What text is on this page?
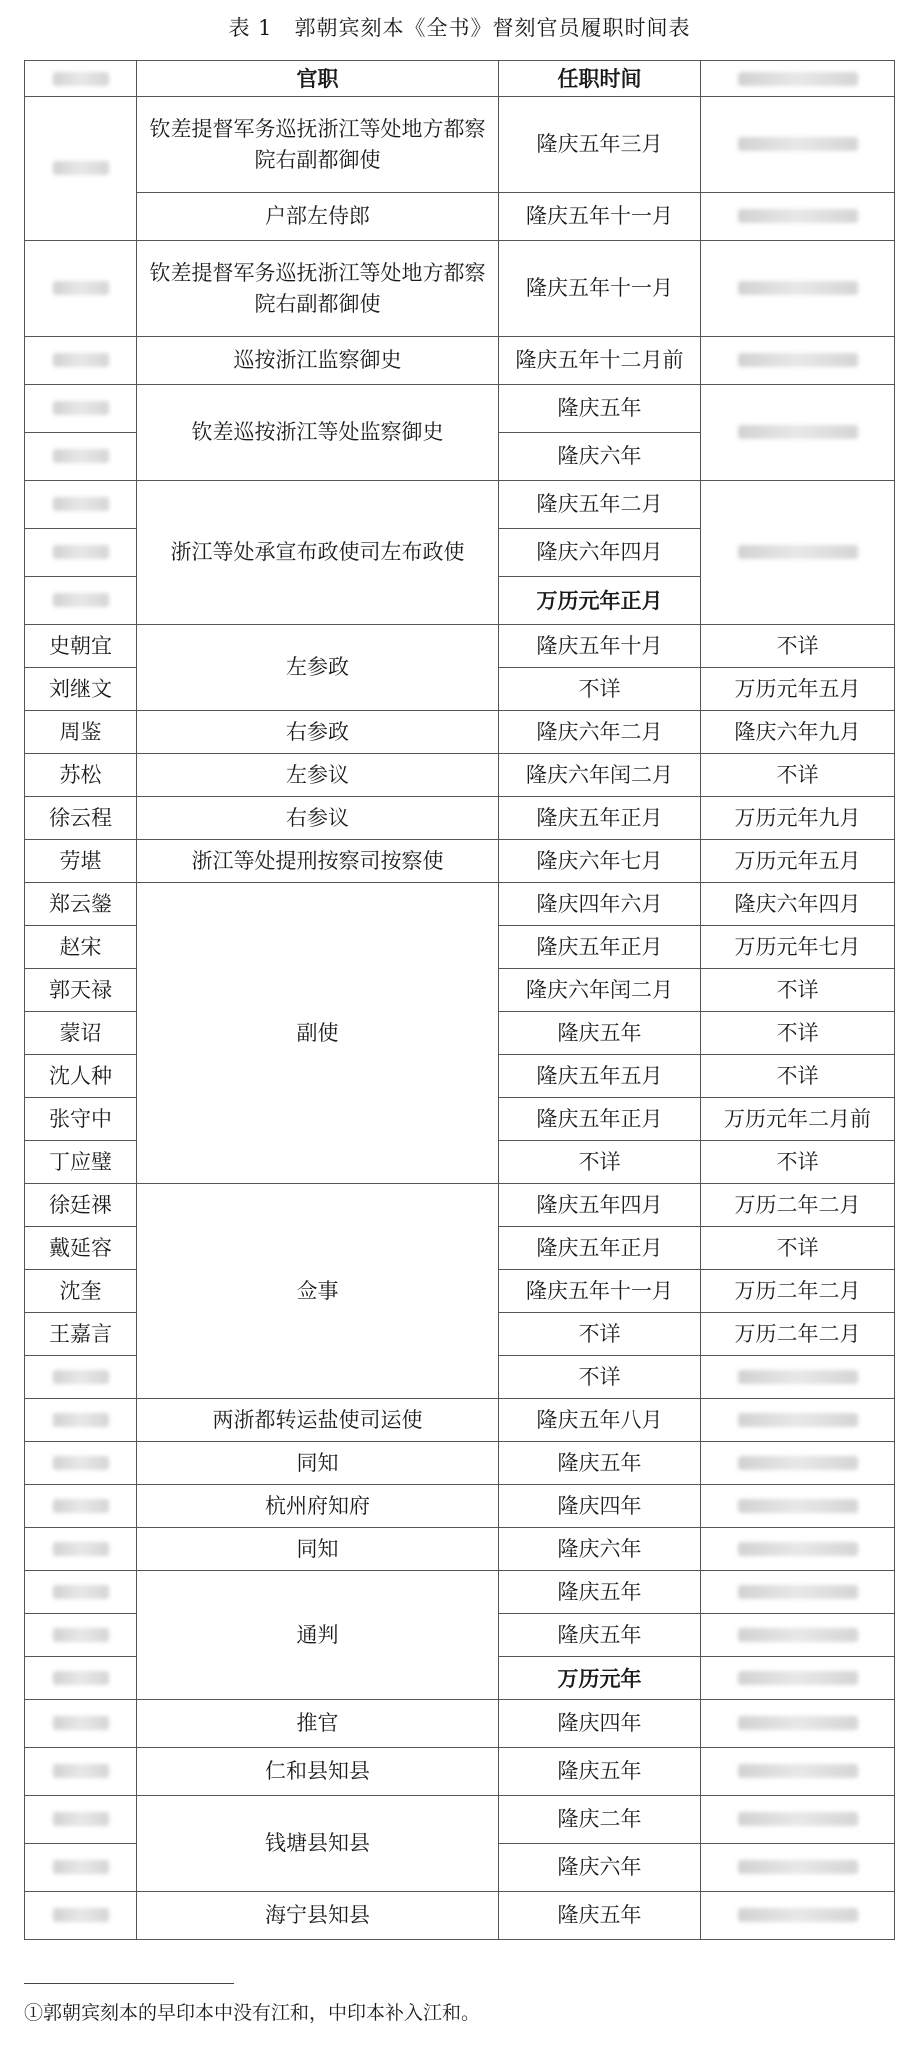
表 1　郭朝宾刻本《全书》督刻官员履职时间表
	官职	任职时间	
	钦差提督军务巡抚浙江等处地方都察院右副都御使	隆庆五年三月	
	户部左侍郎	隆庆五年十一月	
	钦差提督军务巡抚浙江等处地方都察院右副都御使	隆庆五年十一月	
	巡按浙江监察御史	隆庆五年十二月前	
	钦差巡按浙江等处监察御史	隆庆五年	
		隆庆六年	
	浙江等处承宣布政使司左布政使	隆庆五年二月	
		隆庆六年四月	
		万历元年正月	
史朝宜	左参政	隆庆五年十月	不详
刘继文		不详	万历元年五月
周鉴	右参政	隆庆六年二月	隆庆六年九月
苏松	左参议	隆庆六年闰二月	不详
徐云程	右参议	隆庆五年正月	万历元年九月
劳堪	浙江等处提刑按察司按察使	隆庆六年七月	万历元年五月
郑云鎣	副使	隆庆四年六月	隆庆六年四月
赵宋		隆庆五年正月	万历元年七月
郭天禄		隆庆六年闰二月	不详
蒙诏		隆庆五年	不详
沈人种		隆庆五年五月	不详
张守中		隆庆五年正月	万历元年二月前
丁应璧		不详	不详
徐廷祼	佥事	隆庆五年四月	万历二年二月
戴延容		隆庆五年正月	不详
沈奎		隆庆五年十一月	万历二年二月
王嘉言		不详	万历二年二月
		不详	
	两浙都转运盐使司运使	隆庆五年八月	
	同知	隆庆五年	
	杭州府知府	隆庆四年	
	同知	隆庆六年	
	通判	隆庆五年	
		隆庆五年	
		万历元年	
	推官	隆庆四年	
	仁和县知县	隆庆五年	
	钱塘县知县	隆庆二年	
		隆庆六年	
	海宁县知县	隆庆五年	
①郭朝宾刻本的早印本中没有江和，中印本补入江和。
